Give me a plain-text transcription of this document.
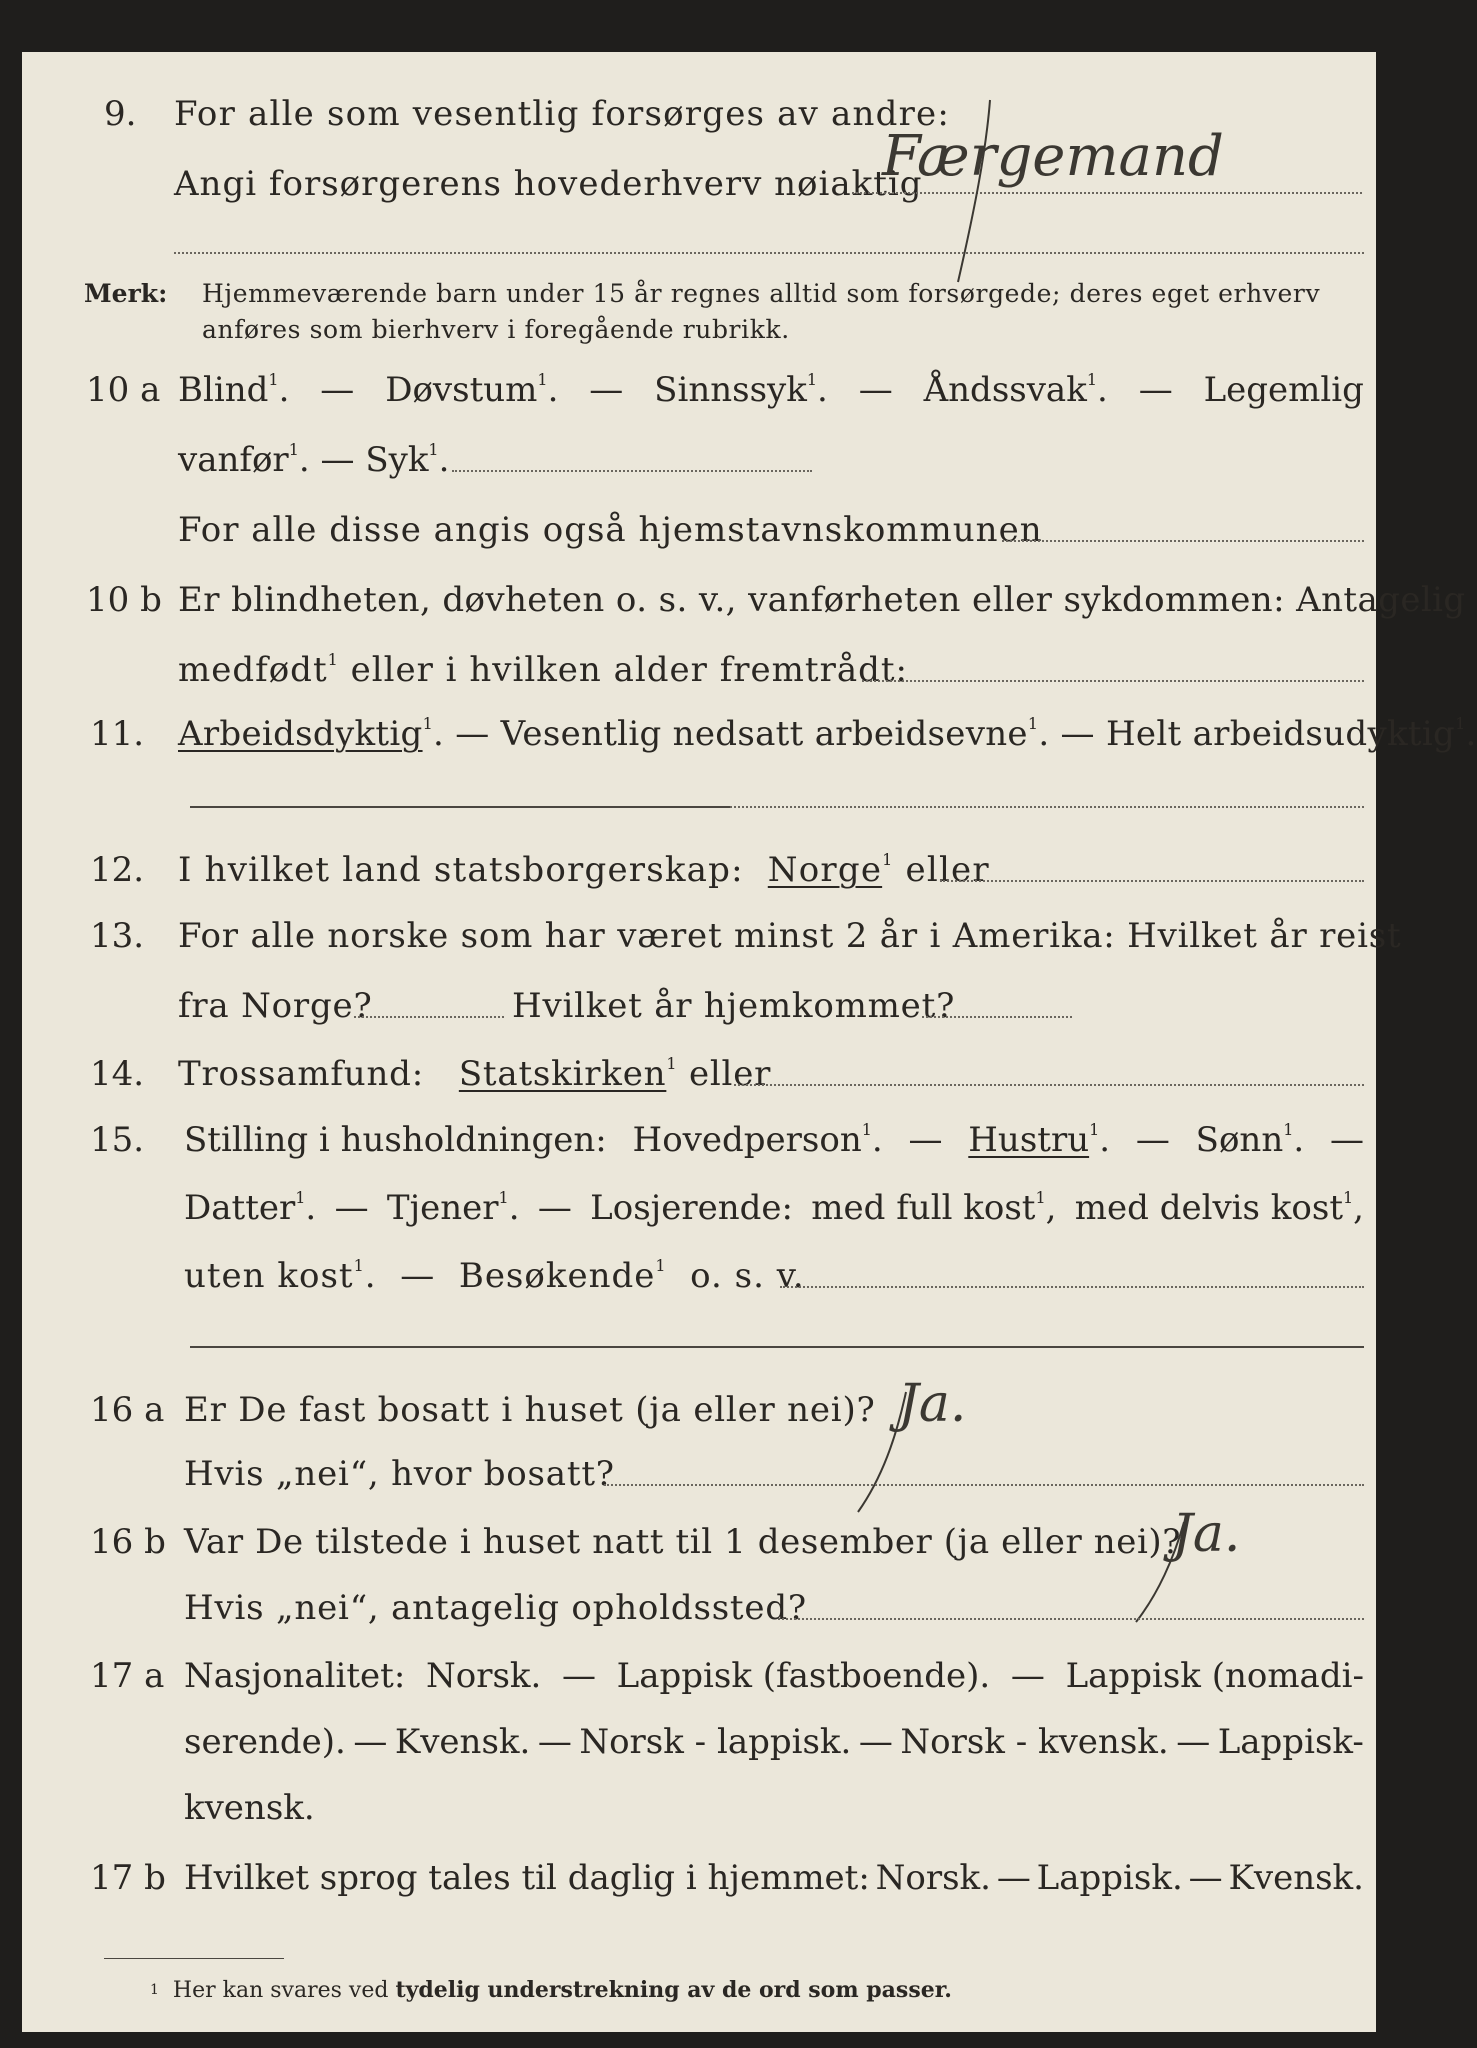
9. For alle som vesentlig forsørges av andre:
Angi forsørgerens hovederhverv nøiaktig
Færgemand
Merk: Hjemmeværende barn under 15 år regnes alltid som forsørgede; deres eget erhverv
anføres som bierhverv i foregående rubrikk.
10 a Blind$^1$. — Døvstum$^1$. — Sinnssyk$^1$. — Åndssvak$^1$. — Legemlig
vanfør$^1$. — Syk$^1$.
For alle disse angis også hjemstavnskommunen
10 b Er blindheten, døvheten o. s. v., vanførheten eller sykdommen: Antagelig
medfødt$^1$ eller i hvilken alder fremtrådt:
11. Arbeidsdyktig$^1$. — Vesentlig nedsatt arbeidsevne$^1$. — Helt arbeidsudyktig$^1$.
12. I hvilket land statsborgerskap: Norge$^1$ eller
13. For alle norske som har været minst 2 år i Amerika: Hvilket år reist
fra Norge?	Hvilket år hjemkommet?
14. Trossamfund: Statskirken$^1$ eller
15. Stilling i husholdningen: Hovedperson$^1$. — Hustru$^1$. — Sønn$^1$. —
Datter$^1$. — Tjener$^1$. — Losjerende: med full kost$^1$, med delvis kost$^1$,
uten kost$^1$. — Besøkende$^1$ o. s. v.
16 a Er De fast bosatt i huset (ja eller nei)? Ja.
Hvis „nei“, hvor bosatt?
16 b Var De tilstede i huset natt til 1 desember (ja eller nei)?
Ja.
Hvis „nei“, antagelig opholdssted?
17 a Nasjonalitet: Norsk. — Lappisk (fastboende). — Lappisk (nomadi-
serende). — Kvensk. — Norsk - lappisk. — Norsk - kvensk. — Lappisk-
kvensk.
17 b Hvilket sprog tales til daglig i hjemmet: Norsk. — Lappisk. — Kvensk.
$^1$ Her kan svares ved tydelig understrekning av de ord som passer.
